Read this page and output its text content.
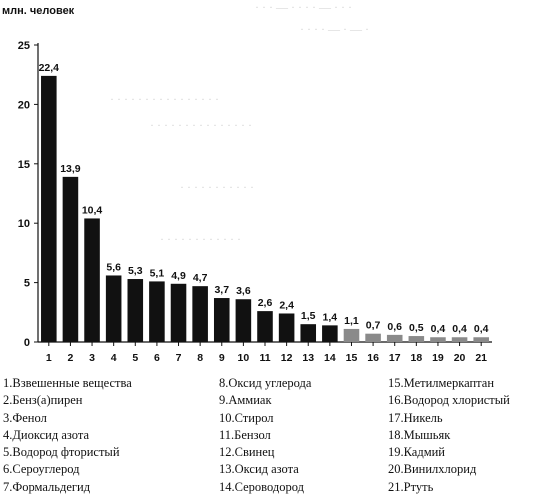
· · · — · · · · — · · ·
· · · · — · — ·
· · · · · · · · · · · · · · · ·
· · · · · · · · · · · · · · ·
· · · · · · · · · · ·
· · · · · · · · · · · ·
млн. человек
0
5
10
15
20
25
22,4
1
13,9
2
10,4
3
5,6
4
5,3
5
5,1
6
4,9
7
4,7
8
3,7
9
3,6
10
2,6
11
2,4
12
1,5
13
1,4
14
1,1
15
0,7
16
0,6
17
0,5
18
0,4
19
0,4
20
0,4
21
1.Взвешенные вещества
2.Бенз(а)пирен
3.Фенол
4.Диоксид азота
5.Водород фтористый
6.Сероуглерод
7.Формальдегид
8.Оксид углерода
9.Аммиак
10.Стирол
11.Бензол
12.Свинец
13.Оксид азота
14.Сероводород
15.Метилмеркаптан
16.Водород хлористый
17.Никель
18.Мышьяк
19.Кадмий
20.Винилхлорид
21.Ртуть
